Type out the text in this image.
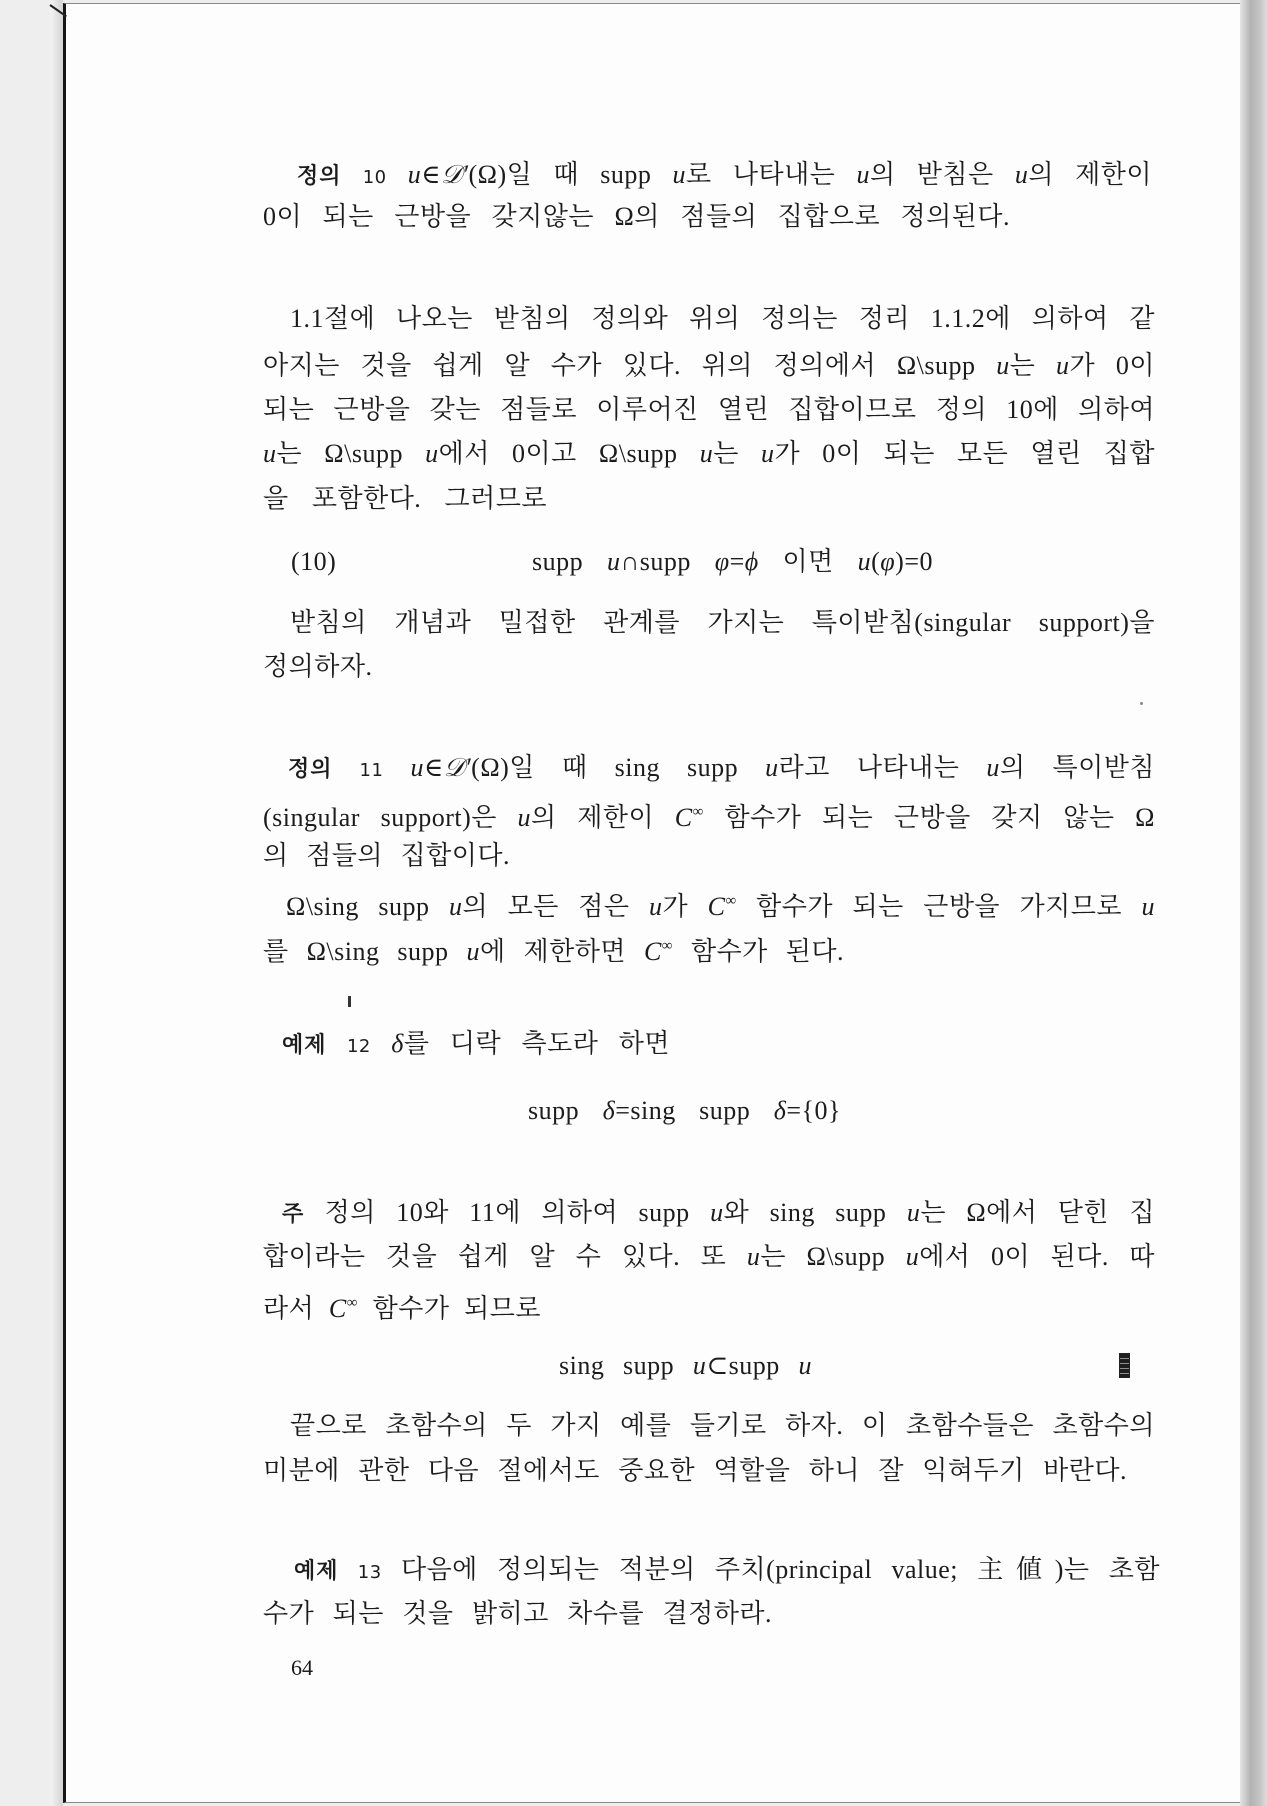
정의 10 u∈𝒟′(Ω)일 때 supp u로 나타내는 u의 받침은 u의 제한이
0이 되는 근방을 갖지않는 Ω의 점들의 집합으로 정의된다.
1.1절에 나오는 받침의 정의와 위의 정의는 정리 1.1.2에 의하여 같
아지는 것을 쉽게 알 수가 있다. 위의 정의에서 Ω\supp u는 u가 0이
되는 근방을 갖는 점들로 이루어진 열린 집합이므로 정의 10에 의하여
u는 Ω\supp u에서 0이고 Ω\supp u는 u가 0이 되는 모든 열린 집합
을 포함한다. 그러므로
(10)	supp u∩supp φ=ϕ 이면 u(φ)=0
받침의 개념과 밀접한 관계를 가지는 특이받침(singular support)을
정의하자.
정의 11 u∈𝒟′(Ω)일 때 sing supp u라고 나타내는 u의 특이받침
(singular support)은 u의 제한이 C∞ 함수가 되는 근방을 갖지 않는 Ω
의 점들의 집합이다.
Ω\sing supp u의 모든 점은 u가 C∞ 함수가 되는 근방을 가지므로 u
를 Ω\sing supp u에 제한하면 C∞ 함수가 된다.
예제 12 δ를 디락 측도라 하면
supp δ=sing supp δ={0}
주 정의 10와 11에 의하여 supp u와 sing supp u는 Ω에서 닫힌 집
합이라는 것을 쉽게 알 수 있다. 또 u는 Ω\supp u에서 0이 된다. 따
라서 C∞ 함수가 되므로
sing supp u⊂supp u
끝으로 초함수의 두 가지 예를 들기로 하자. 이 초함수들은 초함수의
미분에 관한 다음 절에서도 중요한 역할을 하니 잘 익혀두기 바란다.
예제 13 다음에 정의되는 적분의 주치(principal value; 主値)는 초함
수가 되는 것을 밝히고 차수를 결정하라.
64
